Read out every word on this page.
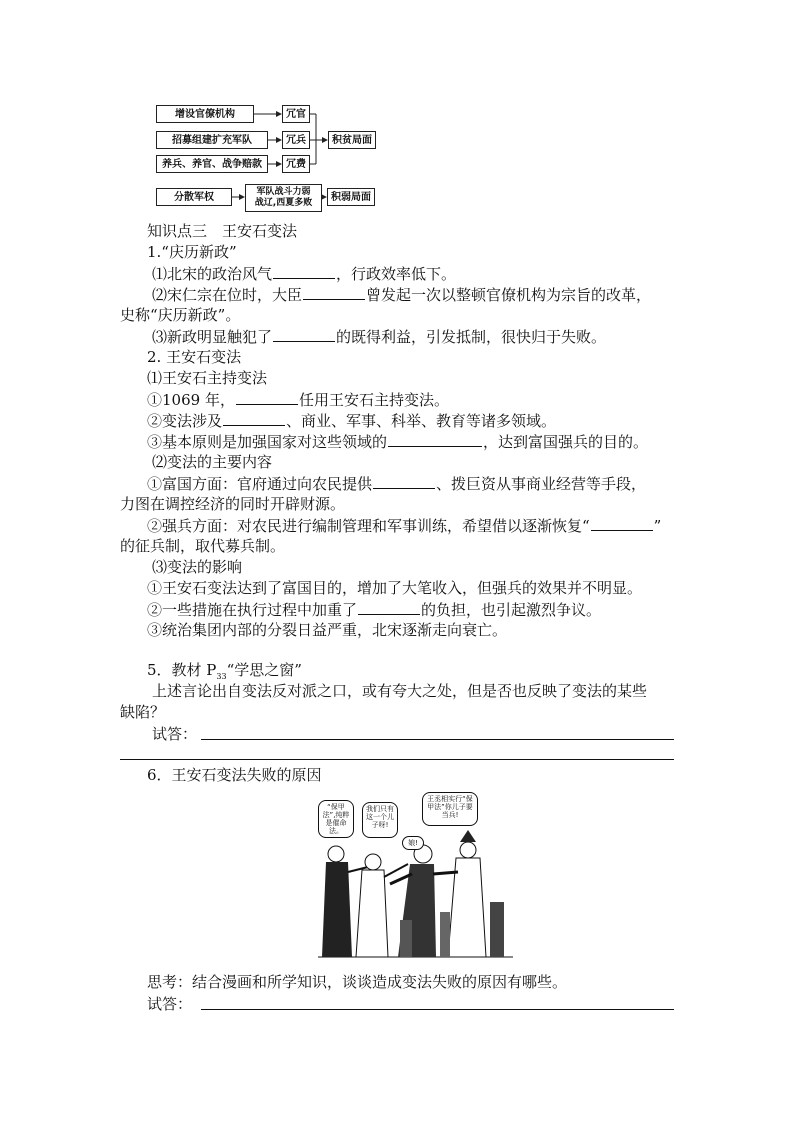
增设官僚机构
招募组建扩充军队
养兵、养官、战争赔款
分散军权
冗官
冗兵
冗费
军队战斗力弱
战辽,西夏多败
积贫局面
积弱局面
知识点三　王安石变法
1.“庆历新政”
⑴北宋的政治风气	，行政效率低下。
⑵宋仁宗在位时，大臣	曾发起一次以整顿官僚机构为宗旨的改革，
史称“庆历新政”。
⑶新政明显触犯了	的既得利益，引发抵制，很快归于失败。
2. 王安石变法
⑴王安石主持变法
①1069 年，	任用王安石主持变法。
②变法涉及	、商业、军事、科举、教育等诸多领域。
③基本原则是加强国家对这些领域的	，达到富国强兵的目的。
⑵变法的主要内容
①富国方面：官府通过向农民提供	、拨巨资从事商业经营等手段，
力图在调控经济的同时开辟财源。
②强兵方面：对农民进行编制管理和军事训练，希望借以逐渐恢复“	”
的征兵制，取代募兵制。
⑶变法的影响
①王安石变法达到了富国目的，增加了大笔收入，但强兵的效果并不明显。
②一些措施在执行过程中加重了	的负担，也引起激烈争议。
③统治集团内部的分裂日益严重，北宋逐渐走向衰亡。
5．教材 $P_{33}“$学思之窗”
上述言论出自变法反对派之口，或有夸大之处，但是否也反映了变法的某些
缺陷？
试答：
6．王安石变法失败的原因
“保甲法”,纯粹是催命法。
我们只有这一个儿子呀!
娘!
王丞相实行“保甲法”你儿子要当兵!
思考：结合漫画和所学知识，谈谈造成变法失败的原因有哪些。
试答：
